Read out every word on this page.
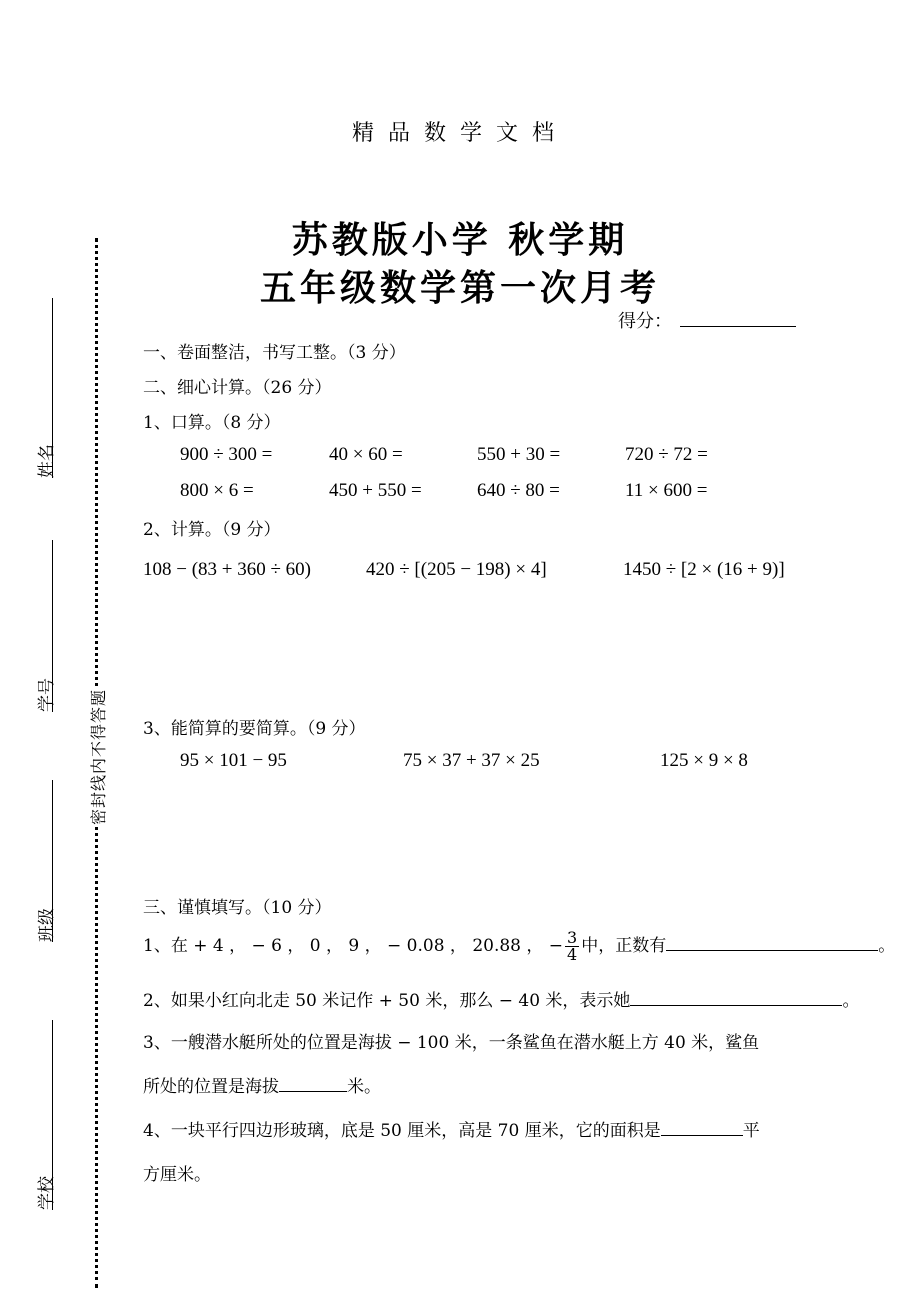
密封线内不得答题
姓名
学号
班级
学校
精品数学文档
苏教版小学 秋学期
五年级数学第一次月考
得分：
一、卷面整洁，书写工整。（3 分）
二、细心计算。（26 分）
1、口算。（8 分）
900 ÷ 300 =	40 × 60 =	550 + 30 =	720 ÷ 72 =
800 × 6 =	450 + 550 =	640 ÷ 80 =	11 × 600 =
2、计算。（9 分）
108 − (83 + 360 ÷ 60)	420 ÷ [(205 − 198) × 4]	1450 ÷ [2 × (16 + 9)]
3、能简算的要简算。（9 分）
95 × 101 − 95	75 × 37 + 37 × 25	125 × 9 × 8
三、谨慎填写。（10 分）
1、在 + 4 ， − 6 ， 0 ， 9 ， − 0.08 ， 20.88 ， − $\frac{3}{4}$ 中，正数有	。
2、如果小红向北走 50 米记作 + 50 米，那么 − 40 米，表示她	。
3、一艘潜水艇所处的位置是海拔 − 100 米，一条鲨鱼在潜水艇上方 40 米，鲨鱼
所处的位置是海拔	米。
4、一块平行四边形玻璃，底是 50 厘米，高是 70 厘米，它的面积是	平
方厘米。
